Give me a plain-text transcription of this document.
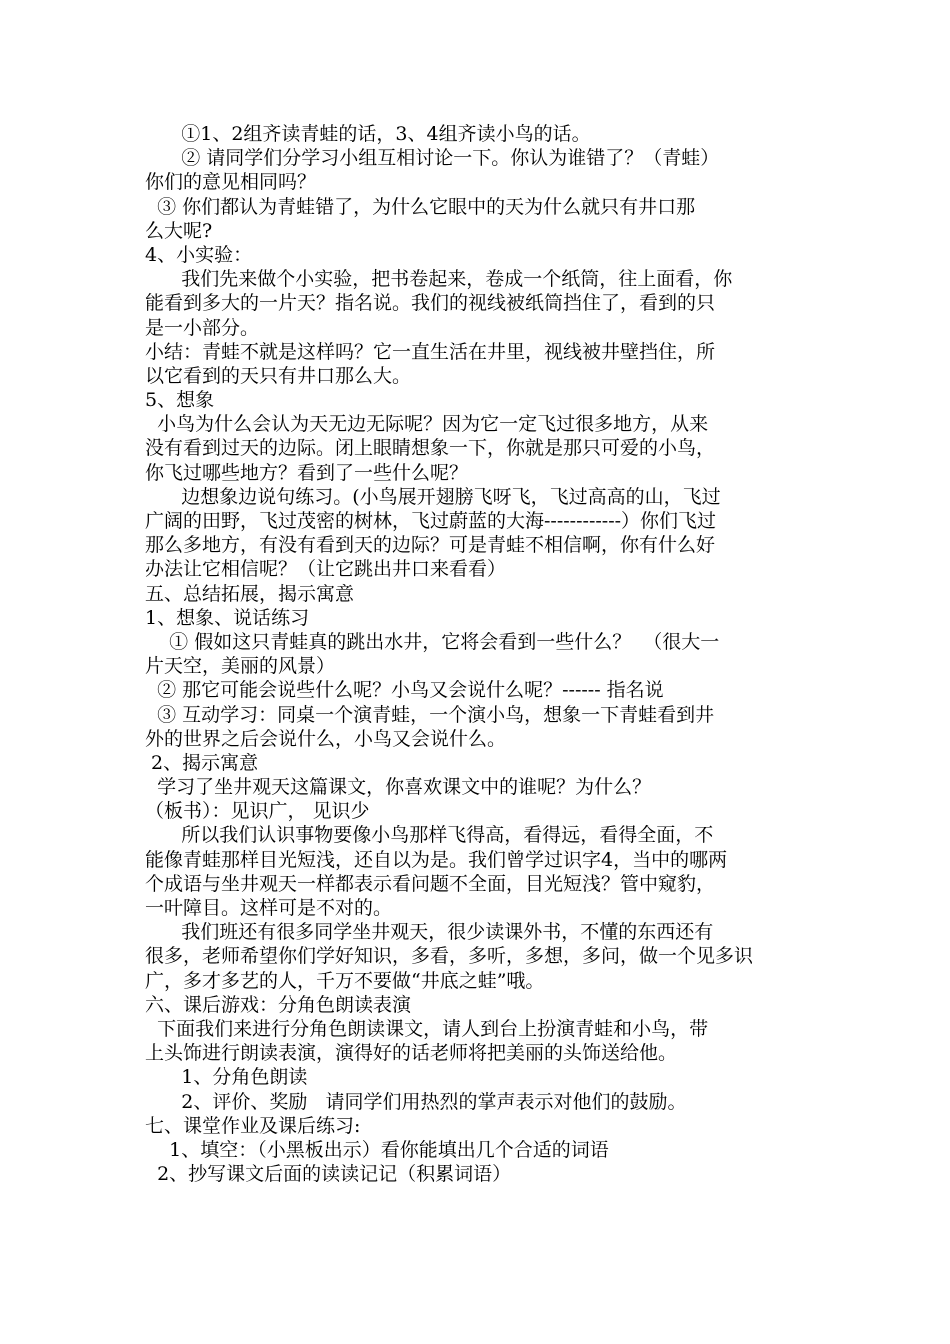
①1、2组齐读青蛙的话，3、4组齐读小鸟的话。
② 请同学们分学习小组互相讨论一下。你认为谁错了？（青蛙）
你们的意见相同吗？
③ 你们都认为青蛙错了，为什么它眼中的天为什么就只有井口那
么大呢?
4、小实验：
我们先来做个小实验，把书卷起来，卷成一个纸筒，往上面看，你
能看到多大的一片天？指名说。我们的视线被纸筒挡住了，看到的只
是一小部分。
小结：青蛙不就是这样吗？它一直生活在井里，视线被井壁挡住，所
以它看到的天只有井口那么大。
5、想象
小鸟为什么会认为天无边无际呢？因为它一定飞过很多地方，从来
没有看到过天的边际。闭上眼睛想象一下，你就是那只可爱的小鸟，
你飞过哪些地方？看到了一些什么呢？
边想象边说句练习。(小鸟展开翅膀飞呀飞，飞过高高的山，飞过
广阔的田野，飞过茂密的树林，飞过蔚蓝的大海------------）你们飞过
那么多地方，有没有看到天的边际？可是青蛙不相信啊，你有什么好
办法让它相信呢？（让它跳出井口来看看）
五、总结拓展，揭示寓意
1、想象、说话练习
① 假如这只青蛙真的跳出水井，它将会看到一些什么？  （很大一
片天空，美丽的风景）
② 那它可能会说些什么呢？小鸟又会说什么呢？------ 指名说
③ 互动学习：同桌一个演青蛙，一个演小鸟，想象一下青蛙看到井
外的世界之后会说什么，小鸟又会说什么。
2、揭示寓意
学习了坐井观天这篇课文，你喜欢课文中的谁呢？为什么？
（板书）：见识广， 见识少
所以我们认识事物要像小鸟那样飞得高，看得远，看得全面，不
能像青蛙那样目光短浅，还自以为是。我们曾学过识字4，当中的哪两
个成语与坐井观天一样都表示看问题不全面，目光短浅？管中窥豹，
一叶障目。这样可是不对的。
我们班还有很多同学坐井观天，很少读课外书，不懂的东西还有
很多，老师希望你们学好知识，多看，多听，多想，多问，做一个见多识
广，多才多艺的人，千万不要做“井底之蛙”哦。
六、课后游戏：分角色朗读表演
下面我们来进行分角色朗读课文，请人到台上扮演青蛙和小鸟，带
上头饰进行朗读表演，演得好的话老师将把美丽的头饰送给他。
1、分角色朗读
2、评价、奖励   请同学们用热烈的掌声表示对他们的鼓励。
七、课堂作业及课后练习:
1、填空：（小黑板出示）看你能填出几个合适的词语
2、抄写课文后面的读读记记（积累词语）
